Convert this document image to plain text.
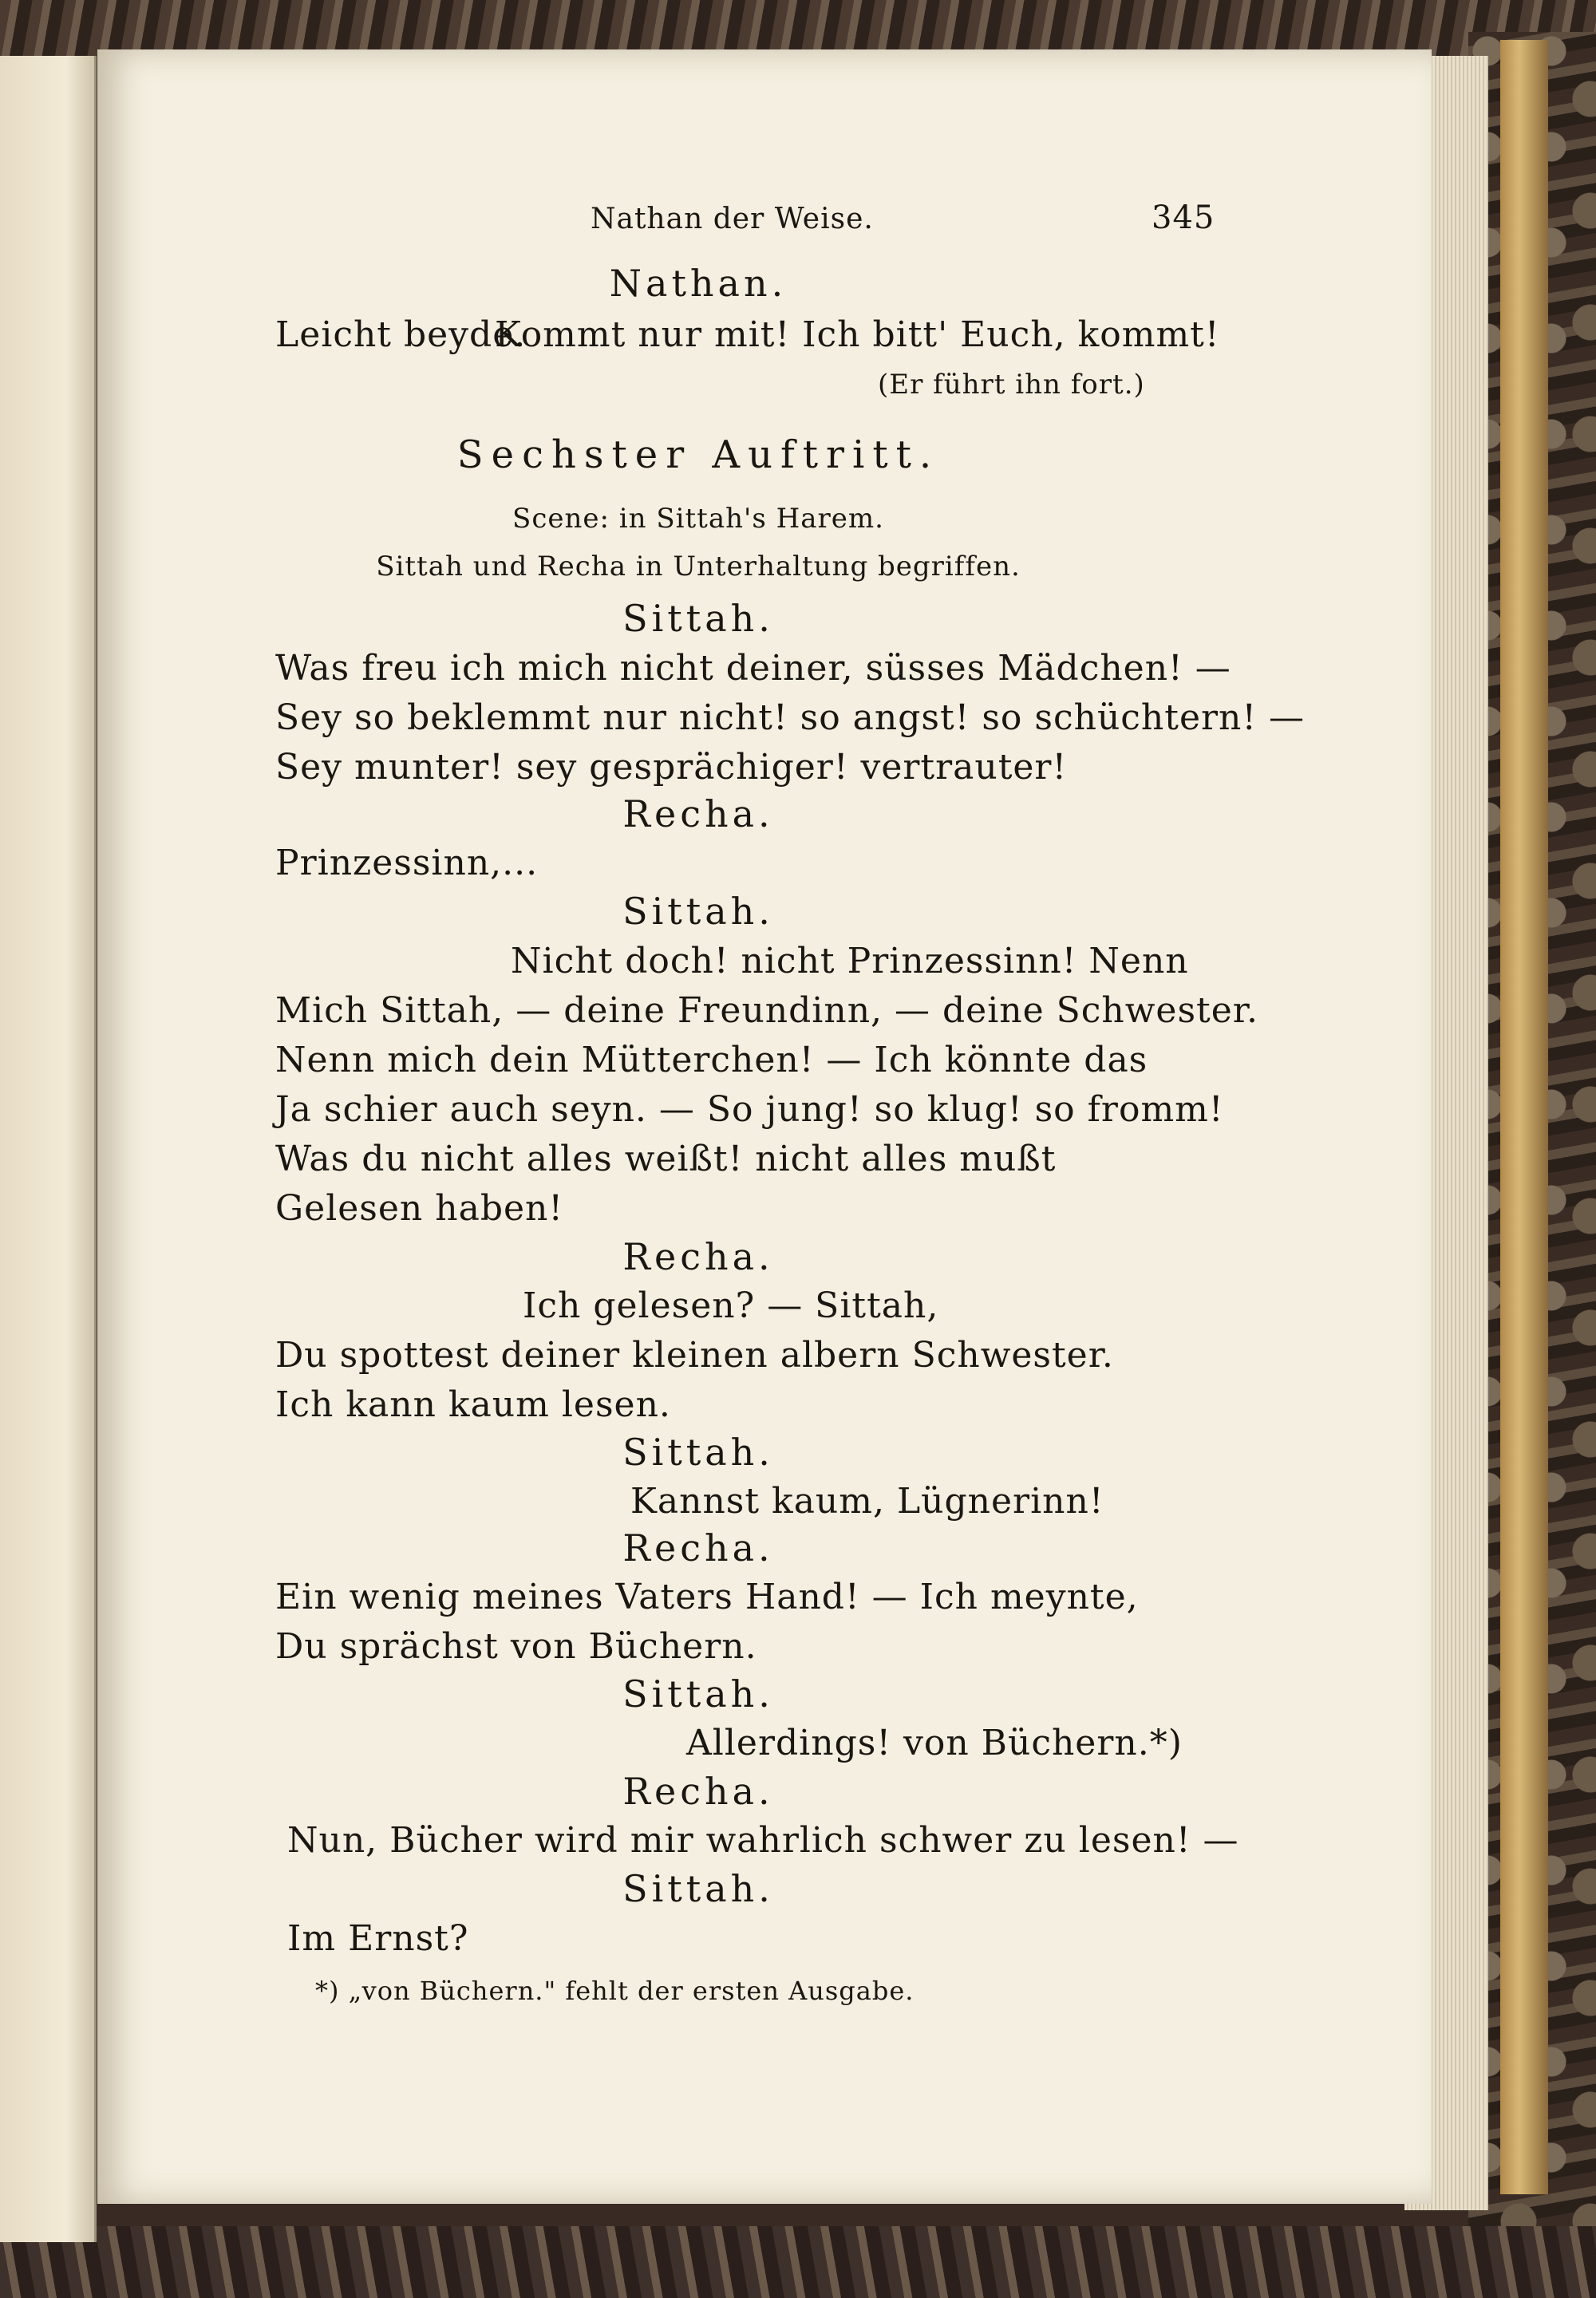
Nathan der Weise.	345
Nathan.
Leicht beyde.
Kommt nur mit! Ich bitt' Euch, kommt!
(Er führt ihn fort.)
Sechster Auftritt.
Scene: in Sittah's Harem.
Sittah und Recha in Unterhaltung begriffen.
Sittah.
Was freu ich mich nicht deiner, süsses Mädchen! —
Sey so beklemmt nur nicht! so angst! so schüchtern! —
Sey munter! sey gesprächiger! vertrauter!
Recha.
Prinzessinn,...
Sittah.
Nicht doch! nicht Prinzessinn! Nenn
Mich Sittah, — deine Freundinn, — deine Schwester.
Nenn mich dein Mütterchen! — Ich könnte das
Ja schier auch seyn. — So jung! so klug! so fromm!
Was du nicht alles weißt! nicht alles mußt
Gelesen haben!
Recha.
Ich gelesen? — Sittah,
Du spottest deiner kleinen albern Schwester.
Ich kann kaum lesen.
Sittah.
Kannst kaum, Lügnerinn!
Recha.
Ein wenig meines Vaters Hand! — Ich meynte,
Du sprächst von Büchern.
Sittah.
Allerdings! von Büchern.*)
Recha.
Nun, Bücher wird mir wahrlich schwer zu lesen! —
Sittah.
Im Ernst?
*) „von Büchern." fehlt der ersten Ausgabe.
